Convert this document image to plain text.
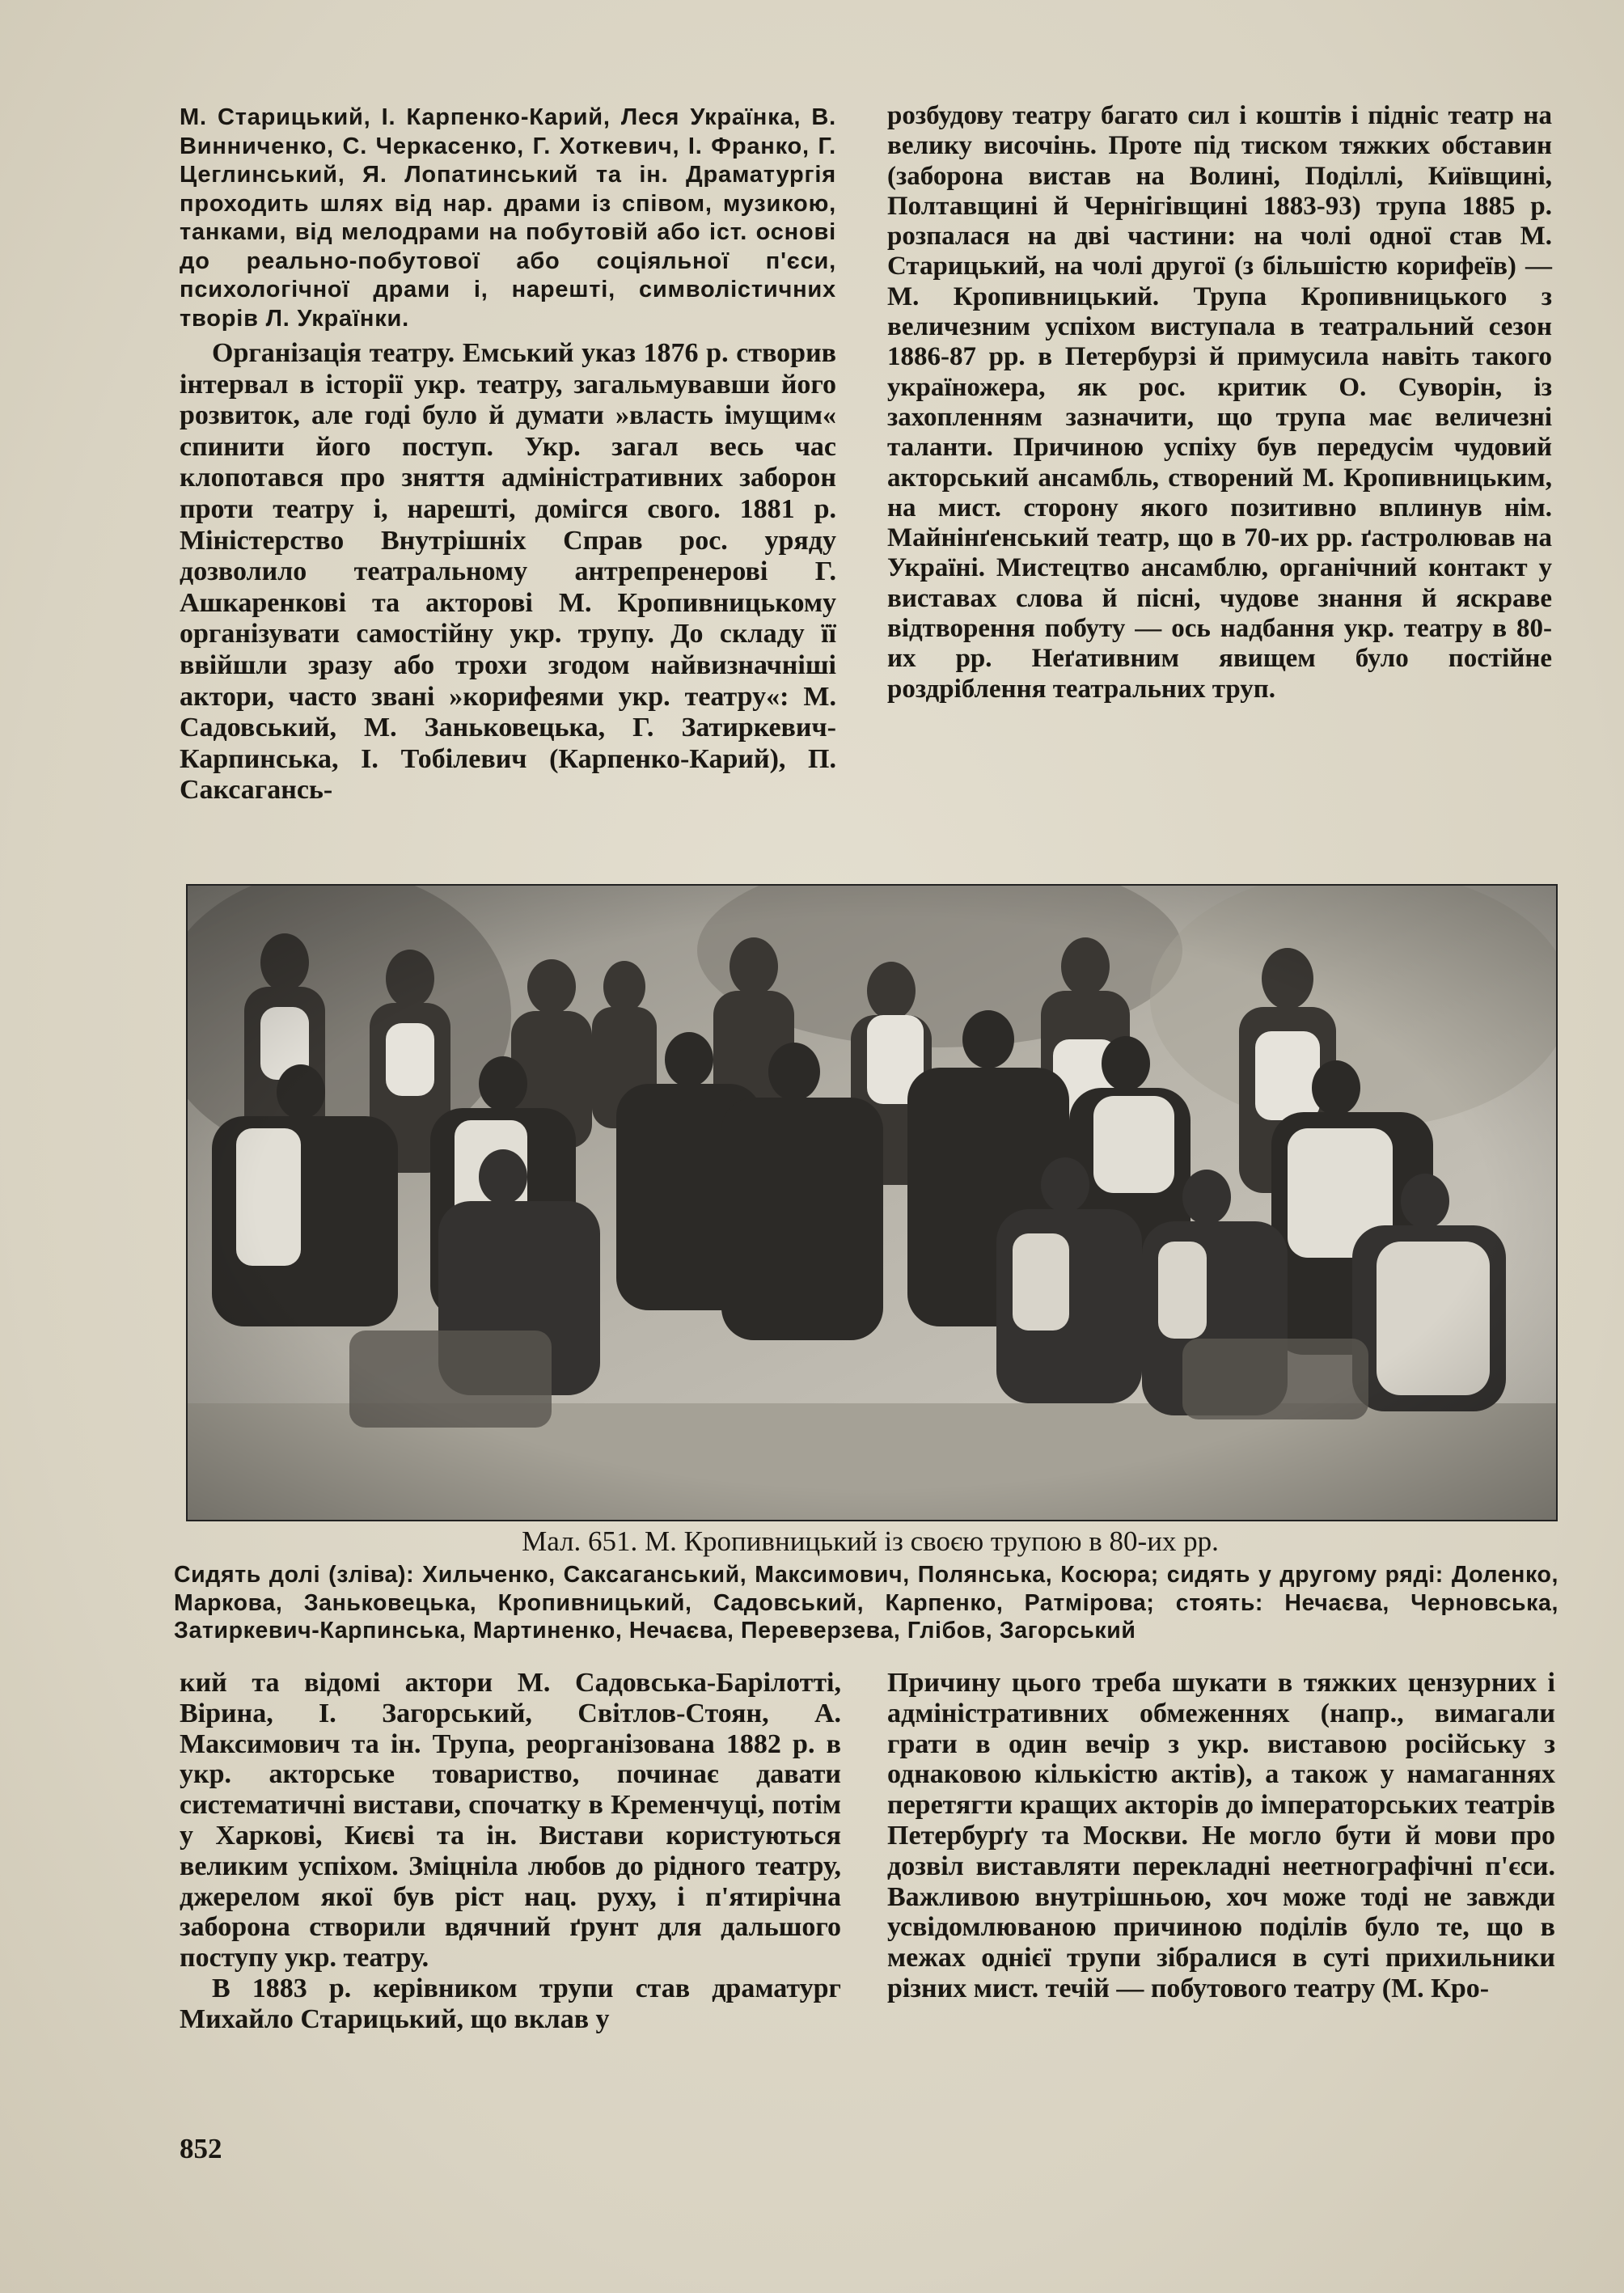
М. Старицький, І. Карпенко-Карий, Леся Українка, В. Винниченко, С. Черкасенко, Г. Хоткевич, І. Франко, Г. Цеглинський, Я. Лопатинський та ін. Драматургія проходить шлях від нар. драми із співом, музикою, танками, від мелодрами на побутовій або іст. основі до реально-побутової або соціяльної п'єси, психологічної драми і, нарешті, символістичних творів Л. Українки.

Організація театру. Емський указ 1876 р. створив інтервал в історії укр. театру, загальмувавши його розвиток, але годі було й думати »власть імущим« спинити його поступ. Укр. загал весь час клопотався про зняття адміністративних заборон проти театру і, нарешті, домігся свого. 1881 р. Міністерство Внутрішніх Справ рос. уряду дозволило театральному антрепренерові Г. Ашкаренкові та акторові М. Кропивницькому організувати самостійну укр. трупу. До складу її ввійшли зразу або трохи згодом найвизначніші актори, часто звані »корифеями укр. театру«: М. Садовський, М. Заньковецька, Г. Затиркевич-Карпинська, І. Тобілевич (Карпенко-Карий), П. Саксаганcь-

розбудову театру багато сил і коштів і підніс театр на велику височінь. Проте під тиском тяжких обставин (заборона вистав на Волині, Поділлі, Київщині, Полтавщині й Чернігівщині 1883-93) трупа 1885 р. розпалася на дві частини: на чолі одної став М. Старицький, на чолі другої (з більшістю корифеїв) — М. Кропивницький. Трупа Кропивницького з величезним успіхом виступала в театральний сезон 1886-87 рр. в Петербурзі й примусила навіть такого україножера, як рос. критик О. Суворін, із захопленням зазначити, що трупа має величезні таланти. Причиною успіху був передусім чудовий акторський ансамбль, створений М. Кропивницьким, на мист. сторону якого позитивно вплинув нім. Майнінґенський театр, що в 70-их рр. ґастролював на Україні. Мистецтво ансамблю, органічний контакт у виставах слова й пісні, чудове знання й яскраве відтворення побуту — ось надбання укр. театру в 80-их рр. Неґативним явищем було постійне роздріблення театральних труп.

Мал. 651. М. Кропивницький із своєю трупою в 80-их рр.
Сидять долі (зліва): Хильченко, Саксаганський, Максимович, Полянська, Косюра; сидять у другому ряді: Доленко, Маркова, Заньковецька, Кропивницький, Садовський, Карпенко, Ратмірова; стоять: Нечаєва, Черновська, Затиркевич-Карпинська, Мартиненко, Нечаєва, Переверзева, Глібов, Загорський

кий та відомі актори М. Садовська-Барілотті, Вірина, І. Загорський, Світлов-Стоян, А. Максимович та ін. Трупа, реорганізована 1882 р. в укр. акторське товариство, починає давати систематичні вистави, спочатку в Кременчуці, потім у Харкові, Києві та ін. Вистави користуються великим успіхом. Зміцніла любов до рідного театру, джерелом якої був ріст нац. руху, і п'ятирічна заборона створили вдячний ґрунт для дальшого поступу укр. театру.

В 1883 р. керівником трупи став драматург Михайло Старицький, що вклав у

Причину цього треба шукати в тяжких цензурних і адміністративних обмеженнях (напр., вимагали грати в один вечір з укр. виставою російську з однаковою кількістю актів), а також у намаганнях перетягти кращих акторів до імператорських театрів Петербурґу та Москви. Не могло бути й мови про дозвіл виставляти перекладні неетнографічні п'єси. Важливою внутрішньою, хоч може тоді не завжди усвідомлюваною причиною поділів було те, що в межах однієї трупи зібралися в суті прихильники різних мист. течій — побутового театру (М. Кро-

852
